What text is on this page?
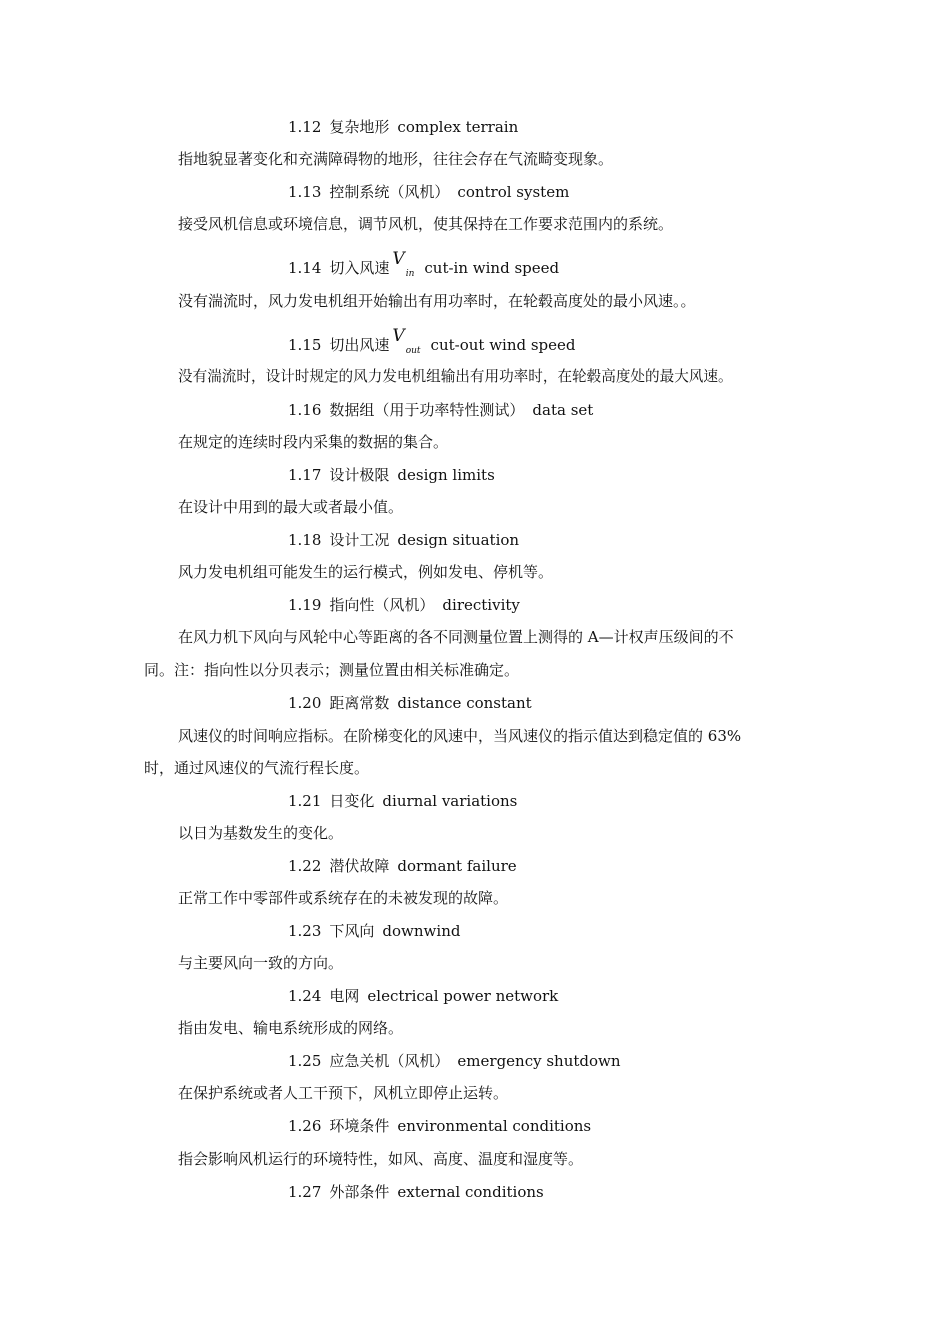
1.12 复杂地形 complex terrain
指地貌显著变化和充满障碍物的地形，往往会存在气流畸变现象。
1.13 控制系统（风机） control system
接受风机信息或环境信息，调节风机，使其保持在工作要求范围内的系统。
1.14 切入风速 $V_{in}$ cut-in wind speed
没有湍流时，风力发电机组开始输出有用功率时，在轮毂高度处的最小风速。。
1.15 切出风速 $V_{out}$ cut-out wind speed
没有湍流时，设计时规定的风力发电机组输出有用功率时，在轮毂高度处的最大风速。
1.16 数据组（用于功率特性测试） data set
在规定的连续时段内采集的数据的集合。
1.17 设计极限 design limits
在设计中用到的最大或者最小值。
1.18 设计工况 design situation
风力发电机组可能发生的运行模式，例如发电、停机等。
1.19 指向性（风机） directivity
在风力机下风向与风轮中心等距离的各不同测量位置上测得的 A—计权声压级间的不
同。注：指向性以分贝表示；测量位置由相关标准确定。
1.20 距离常数 distance constant
风速仪的时间响应指标。在阶梯变化的风速中，当风速仪的指示值达到稳定值的 63%
时，通过风速仪的气流行程长度。
1.21 日变化 diurnal variations
以日为基数发生的变化。
1.22 潜伏故障 dormant failure
正常工作中零部件或系统存在的未被发现的故障。
1.23 下风向 downwind
与主要风向一致的方向。
1.24 电网 electrical power network
指由发电、输电系统形成的网络。
1.25 应急关机（风机） emergency shutdown
在保护系统或者人工干预下，风机立即停止运转。
1.26 环境条件 environmental conditions
指会影响风机运行的环境特性，如风、高度、温度和湿度等。
1.27 外部条件 external conditions
